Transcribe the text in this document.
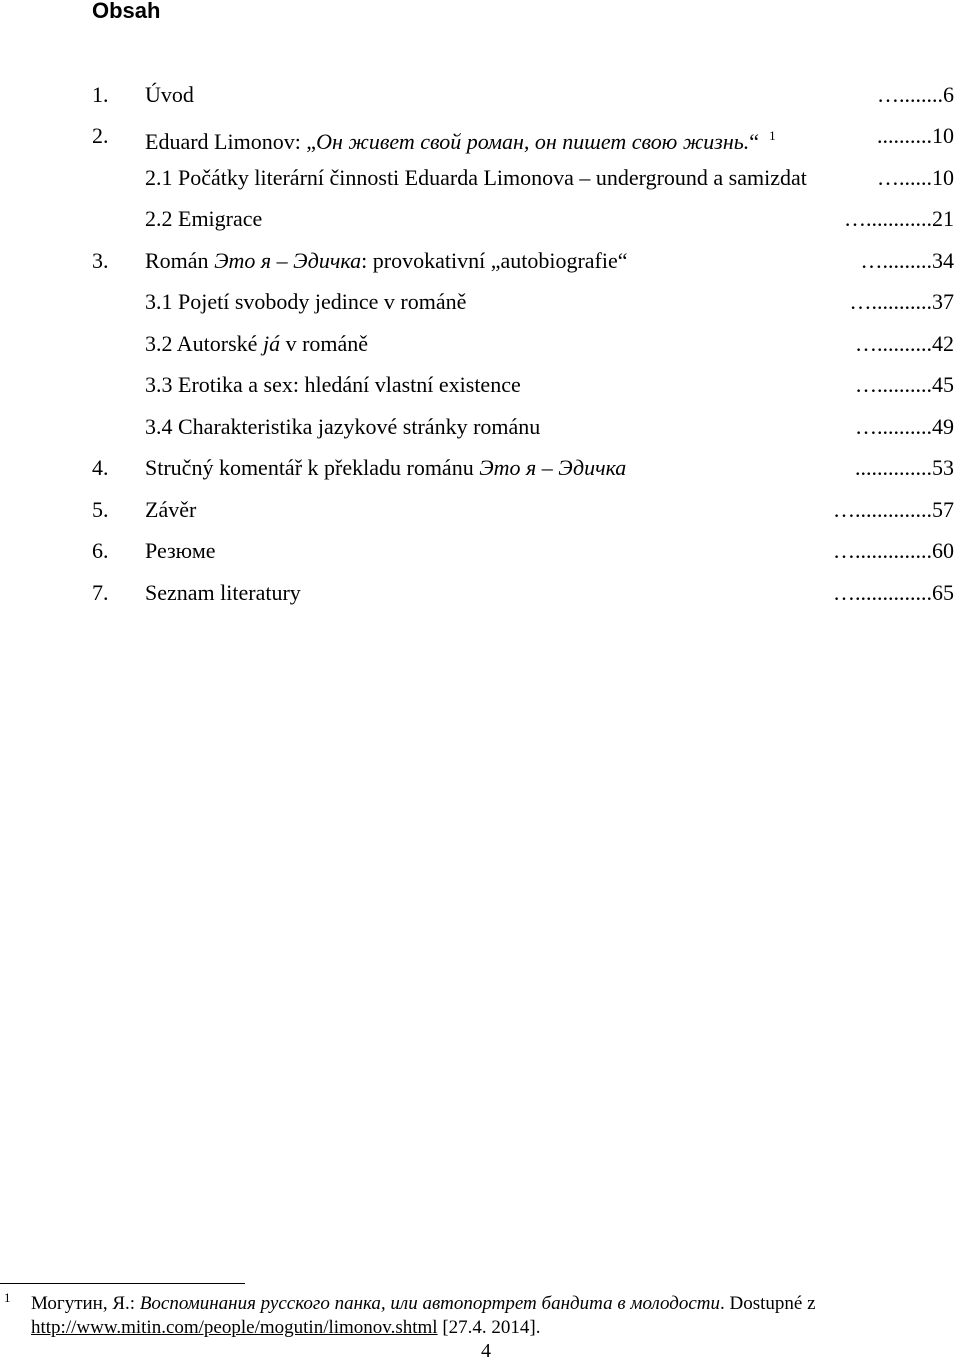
Obsah
1. Úvod	…........6
2. Eduard Limonov: „Он живет свой роман, он пишет свою жизнь.“ $^1$	..........10
2.1 Počátky literární činnosti Eduarda Limonova – underground a samizdat	…......10
2.2 Emigrace	…............21
3. Román Это я – Эдичка: provokativní „autobiografie“	….........34
3.1 Pojetí svobody jedince v románě	…...........37
3.2 Autorské já v románě	…..........42
3.3 Erotika a sex: hledání vlastní existence	…..........45
3.4 Charakteristika jazykové stránky románu	…..........49
4. Stručný komentář k překladu románu Это я – Эдичка	..............53
5. Závěr	…..............57
6. Резюме	…..............60
7. Seznam literatury	…..............65
1 Могутин, Я.: Воспоминания русского панка, или автопортрет бандита в молодости. Dostupné z
http://www.mitin.com/people/mogutin/limonov.shtml [27.4. 2014].
4
